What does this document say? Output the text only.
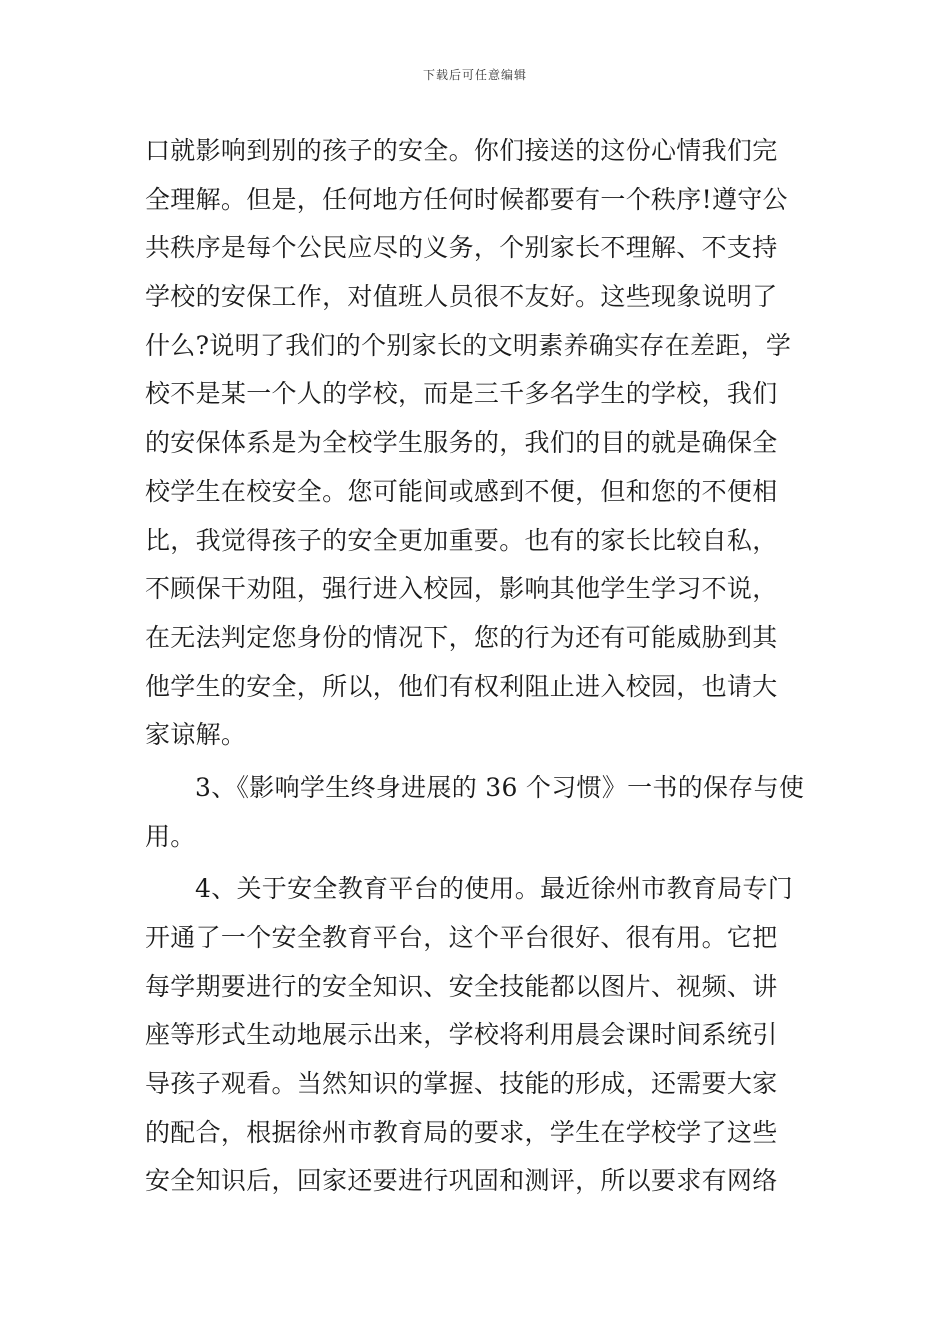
下载后可任意编辑
口就影响到别的孩子的安全。你们接送的这份心情我们完
全理解。但是，任何地方任何时候都要有一个秩序!遵守公
共秩序是每个公民应尽的义务，个别家长不理解、不支持
学校的安保工作，对值班人员很不友好。这些现象说明了
什么?说明了我们的个别家长的文明素养确实存在差距，学
校不是某一个人的学校，而是三千多名学生的学校，我们
的安保体系是为全校学生服务的，我们的目的就是确保全
校学生在校安全。您可能间或感到不便，但和您的不便相
比，我觉得孩子的安全更加重要。也有的家长比较自私，
不顾保干劝阻，强行进入校园，影响其他学生学习不说，
在无法判定您身份的情况下，您的行为还有可能威胁到其
他学生的安全，所以，他们有权利阻止进入校园，也请大
家谅解。
3、《影响学生终身进展的 36 个习惯》一书的保存与使
用。
4、关于安全教育平台的使用。最近徐州市教育局专门
开通了一个安全教育平台，这个平台很好、很有用。它把
每学期要进行的安全知识、安全技能都以图片、视频、讲
座等形式生动地展示出来，学校将利用晨会课时间系统引
导孩子观看。当然知识的掌握、技能的形成，还需要大家
的配合，根据徐州市教育局的要求，学生在学校学了这些
安全知识后，回家还要进行巩固和测评，所以要求有网络
